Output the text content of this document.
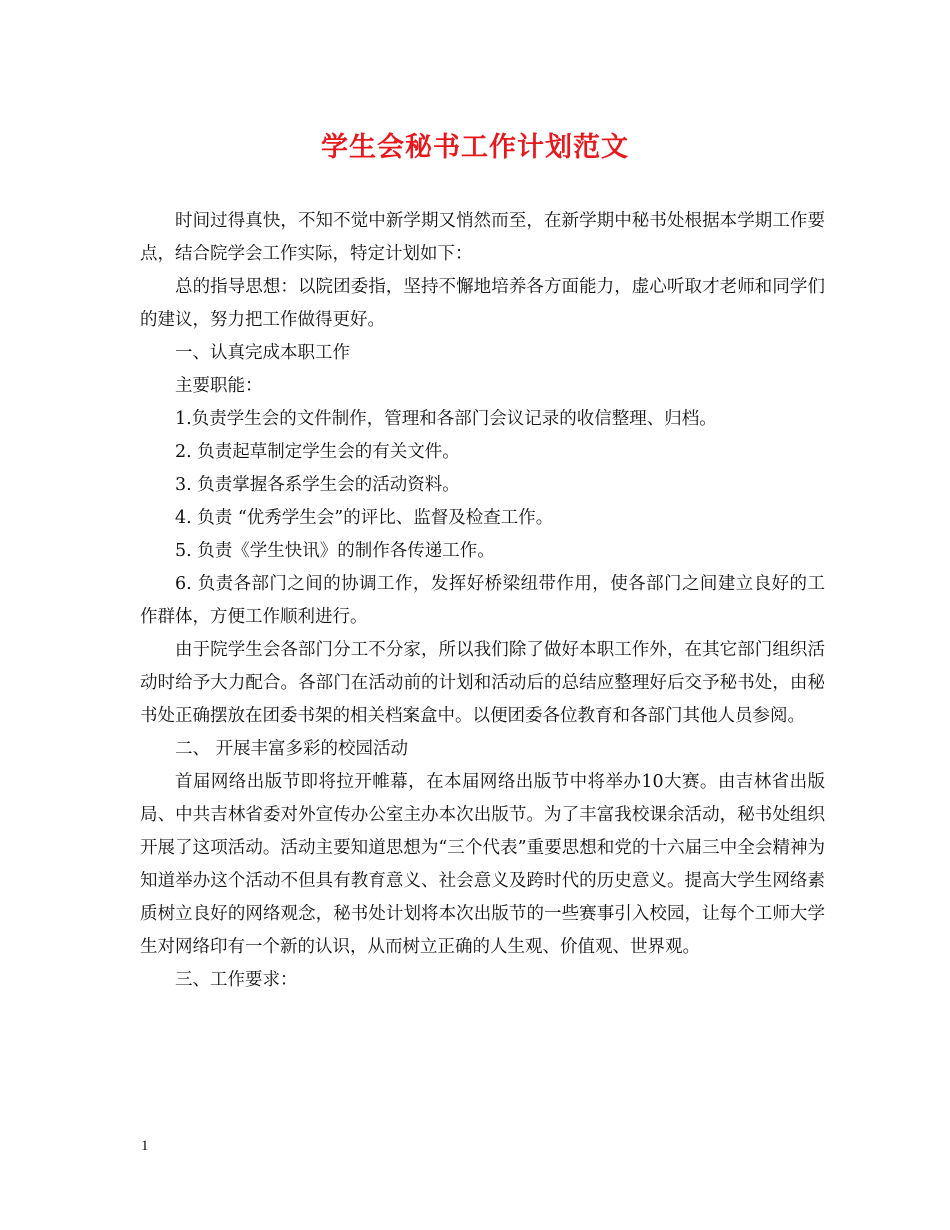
学生会秘书工作计划范文

时间过得真快，不知不觉中新学期又悄然而至，在新学期中秘书处根据本学期工作要点，结合院学会工作实际，特定计划如下：

总的指导思想：以院团委指，坚持不懈地培养各方面能力，虚心听取才老师和同学们的建议，努力把工作做得更好。

一、认真完成本职工作

主要职能：

1.负责学生会的文件制作，管理和各部门会议记录的收信整理、归档。

2. 负责起草制定学生会的有关文件。

3. 负责掌握各系学生会的活动资料。

4. 负责 “优秀学生会”的评比、监督及检查工作。

5. 负责《学生快讯》的制作各传递工作。

6. 负责各部门之间的协调工作，发挥好桥梁纽带作用，使各部门之间建立良好的工作群体，方便工作顺利进行。

由于院学生会各部门分工不分家，所以我们除了做好本职工作外，在其它部门组织活动时给予大力配合。各部门在活动前的计划和活动后的总结应整理好后交予秘书处，由秘书处正确摆放在团委书架的相关档案盒中。以便团委各位教育和各部门其他人员参阅。

二、 开展丰富多彩的校园活动

首届网络出版节即将拉开帷幕，在本届网络出版节中将举办10大赛。由吉林省出版局、中共吉林省委对外宣传办公室主办本次出版节。为了丰富我校课余活动，秘书处组织开展了这项活动。活动主要知道思想为“三个代表”重要思想和党的十六届三中全会精神为知道举办这个活动不但具有教育意义、社会意义及跨时代的历史意义。提高大学生网络素质树立良好的网络观念，秘书处计划将本次出版节的一些赛事引入校园，让每个工师大学生对网络印有一个新的认识，从而树立正确的人生观、价值观、世界观。

三、工作要求：

1
